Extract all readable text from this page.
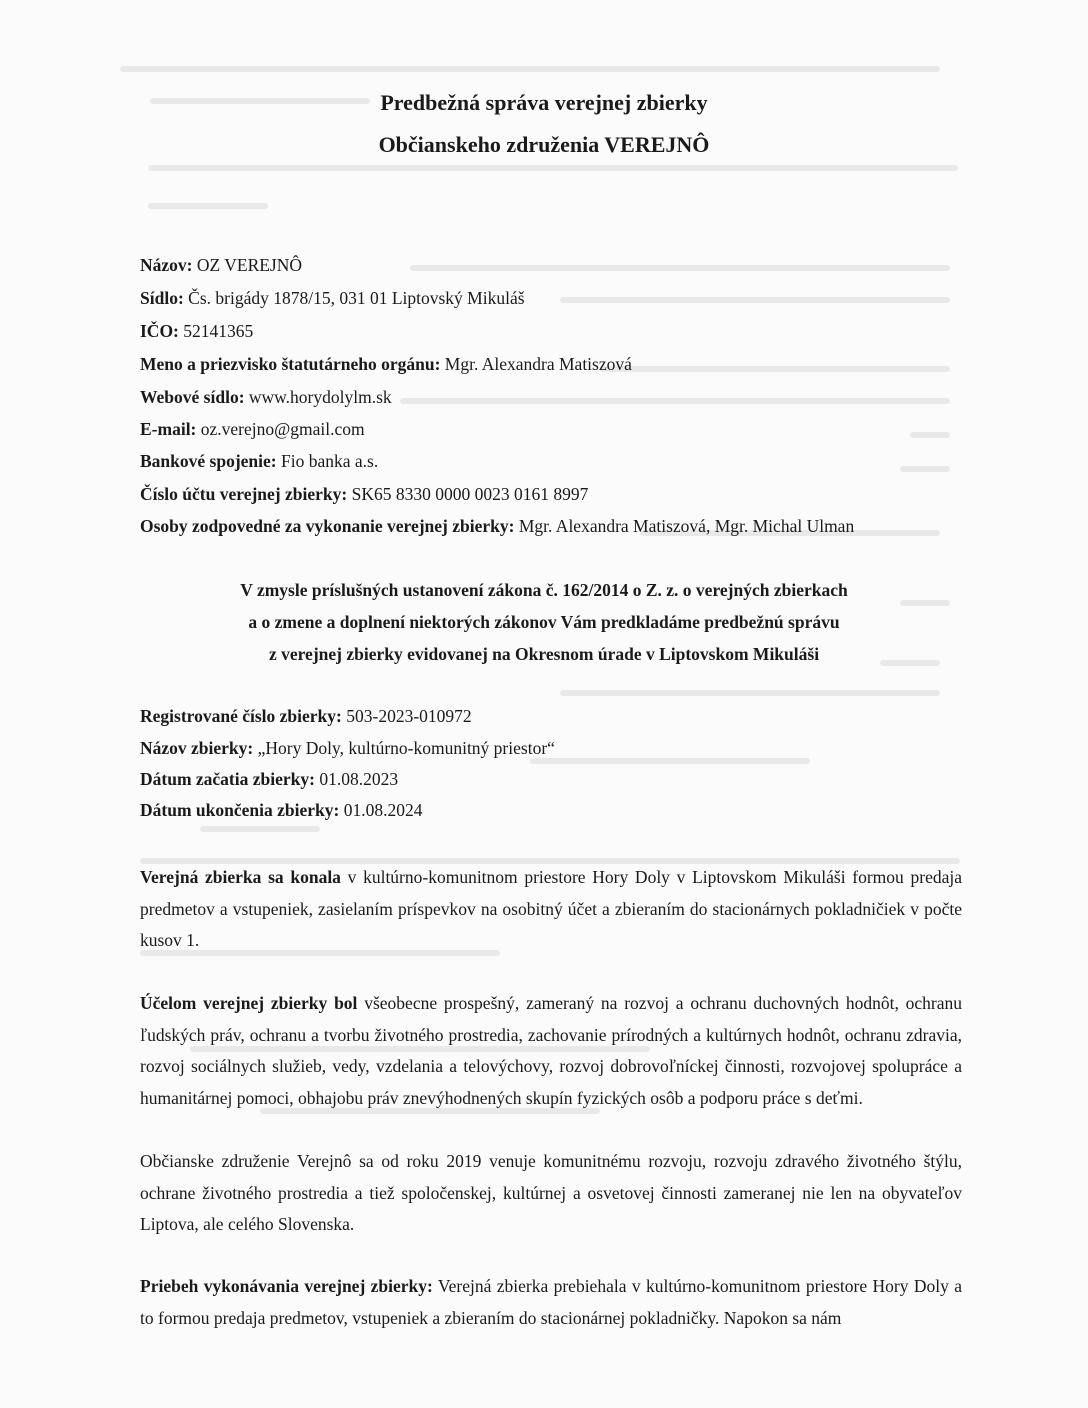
Predbežná správa verejnej zbierky
Občianskeho združenia VEREJNÔ
Názov: OZ VEREJNÔ
Sídlo: Čs. brigády 1878/15, 031 01 Liptovský Mikuláš
IČO: 52141365
Meno a priezvisko štatutárneho orgánu: Mgr. Alexandra Matiszová
Webové sídlo: www.horydolylm.sk
E-mail: oz.verejno@gmail.com
Bankové spojenie: Fio banka a.s.
Číslo účtu verejnej zbierky: SK65 8330 0000 0023 0161 8997
Osoby zodpovedné za vykonanie verejnej zbierky: Mgr. Alexandra Matiszová, Mgr. Michal Ulman
V zmysle príslušných ustanovení zákona č. 162/2014 o Z. z. o verejných zbierkach
a o zmene a doplnení niektorých zákonov Vám predkladáme predbežnú správu
z verejnej zbierky evidovanej na Okresnom úrade v Liptovskom Mikuláši
Registrované číslo zbierky: 503-2023-010972
Názov zbierky: „Hory Doly, kultúrno-komunitný priestor“
Dátum začatia zbierky: 01.08.2023
Dátum ukončenia zbierky: 01.08.2024
Verejná zbierka sa konala v kultúrno-komunitnom priestore Hory Doly v Liptovskom Mikuláši formou predaja predmetov a vstupeniek, zasielaním príspevkov na osobitný účet a zbieraním do stacionárnych pokladničiek v počte kusov 1.
Účelom verejnej zbierky bol všeobecne prospešný, zameraný na rozvoj a ochranu duchovných hodnôt, ochranu ľudských práv, ochranu a tvorbu životného prostredia, zachovanie prírodných a kultúrnych hodnôt, ochranu zdravia, rozvoj sociálnych služieb, vedy, vzdelania a telovýchovy, rozvoj dobrovoľníckej činnosti, rozvojovej spolupráce a humanitárnej pomoci, obhajobu práv znevýhodnených skupín fyzických osôb a podporu práce s deťmi.
Občianske združenie Verejnô sa od roku 2019 venuje komunitnému rozvoju, rozvoju zdravého životného štýlu, ochrane životného prostredia a tiež spoločenskej, kultúrnej a osvetovej činnosti zameranej nie len na obyvateľov Liptova, ale celého Slovenska.
Priebeh vykonávania verejnej zbierky: Verejná zbierka prebiehala v kultúrno-komunitnom priestore Hory Doly a to formou predaja predmetov, vstupeniek a zbieraním do stacionárnej pokladničky. Napokon sa nám
